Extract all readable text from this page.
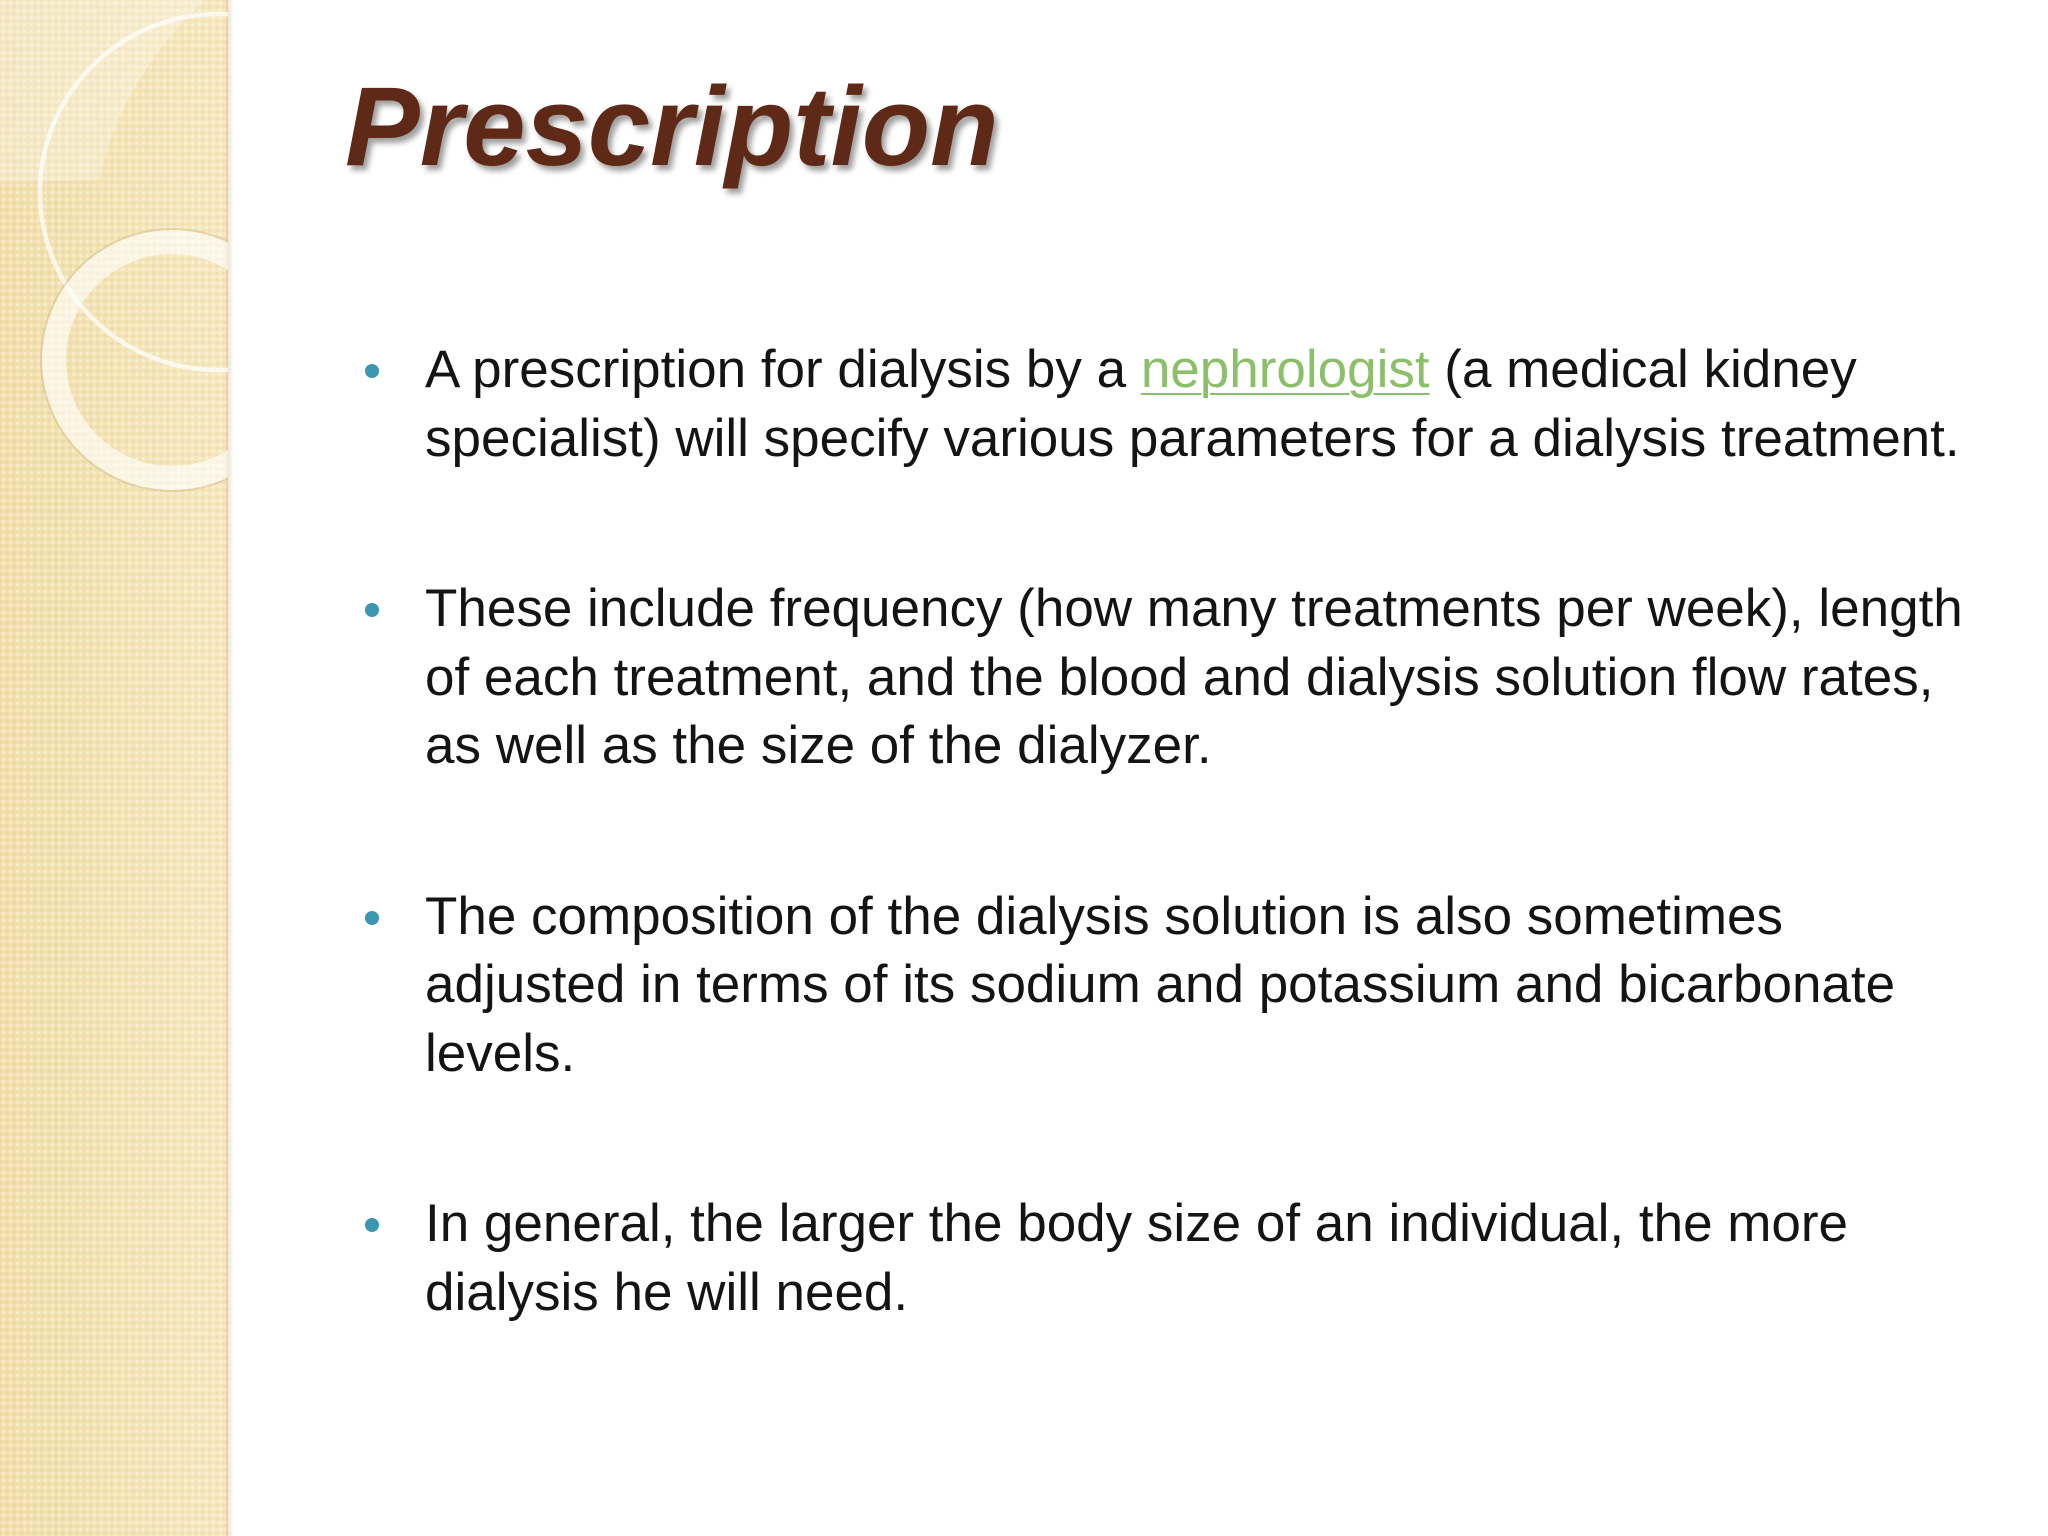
Prescription
A prescription for dialysis by a nephrologist (a medical kidney specialist) will specify various parameters for a dialysis treatment.
These include frequency (how many treatments per week), length of each treatment, and the blood and dialysis solution flow rates, as well as the size of the dialyzer.
The composition of the dialysis solution is also sometimes adjusted in terms of its sodium and potassium and bicarbonate levels.
In general, the larger the body size of an individual, the more dialysis he will need.
